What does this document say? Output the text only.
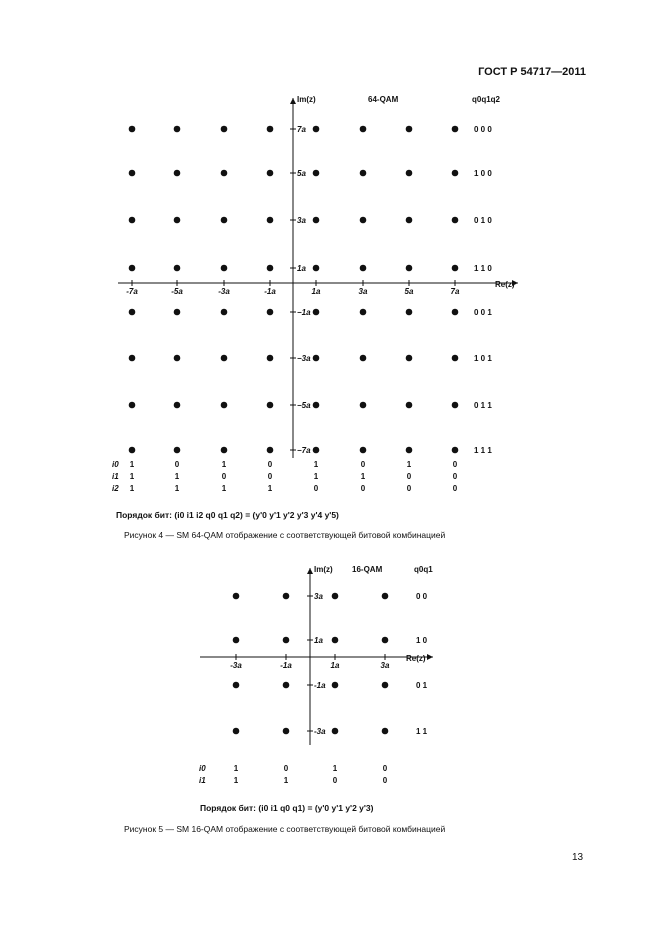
ГОСТ Р 54717—2011
Im(z)
Re(z)
64-QAM	q0q1q2
-7a	-5a	-3a	-1a	1a	3a	5a	7a
7a	0 0 0
5a	1 0 0
3a	0 1 0
1a	1 1 0
−1a	0 0 1
−3a	1 0 1
−5a	0 1 1
−7a	1 1 1
i0 1	0	1	0	1	0	1	0
i1 1	1	0	0	1	1	0	0
i2 1	1	1	1	0	0	0	0
Порядок бит: (i0 i1 i2 q0 q1 q2) = (y'0 y'1 y'2 y'3 y'4 y'5)
Рисунок 4 — SM 64-QAM отображение с соответствующей битовой комбинацией
Im(z)
Re(z)
16-QAM	q0q1
-3a	-1a	1a	3a
3a	0 0
1a	1 0
-1a	0 1
-3a	1 1
i0	1	0	1	0
i1	1	1	0	0
Порядок бит: (i0 i1 q0 q1) = (y'0 y'1 y'2 y'3)
Рисунок 5 — SM 16-QAM отображение с соответствующей битовой комбинацией
13
